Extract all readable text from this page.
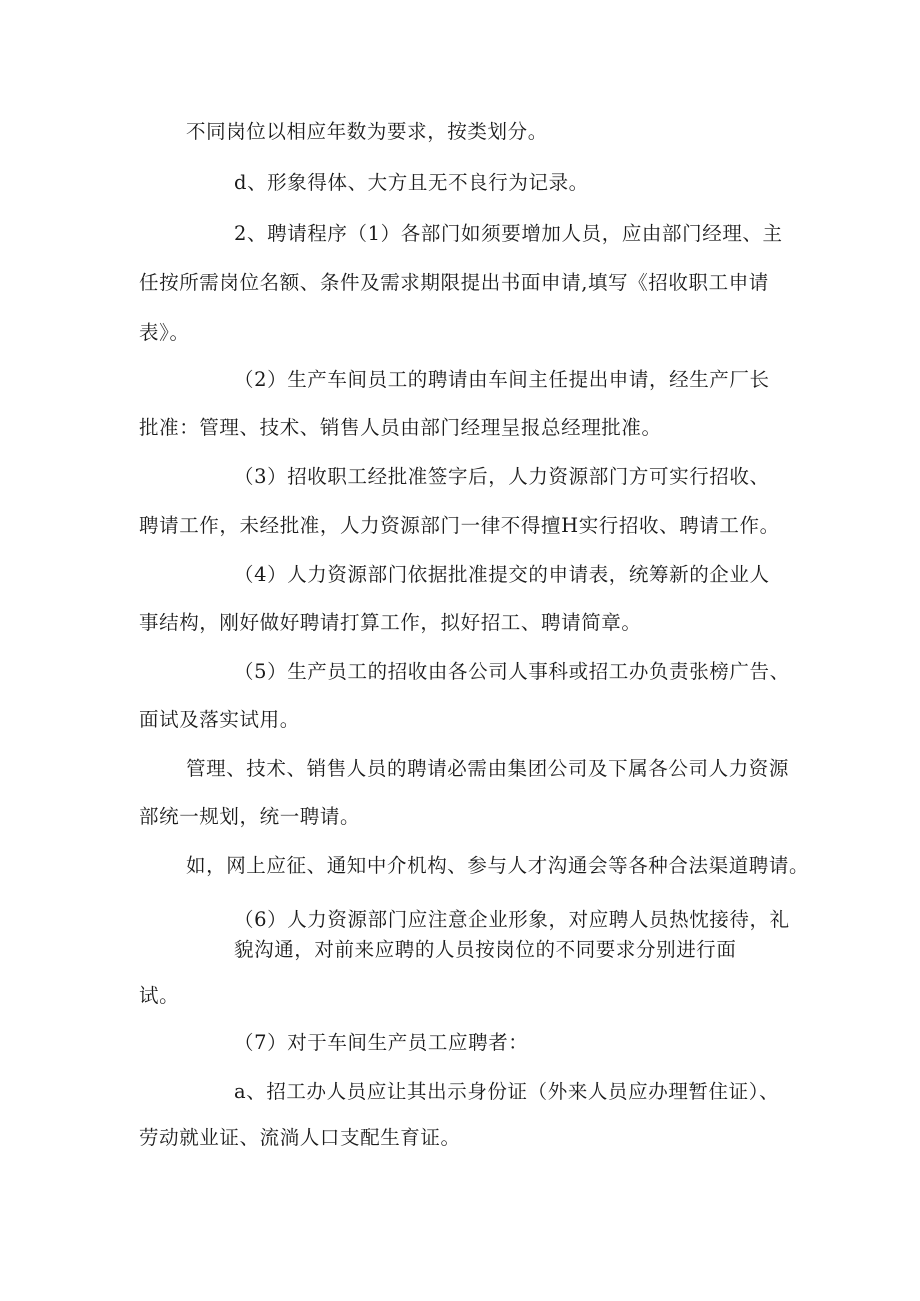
不同岗位以相应年数为要求，按类划分。
d、形象得体、大方且无不良行为记录。
2、聘请程序（1）各部门如须要增加人员，应由部门经理、主
任按所需岗位名额、条件及需求期限提出书面申请,填写《招收职工申请
表》。
（2）生产车间员工的聘请由车间主任提出申请，经生产厂长
批准：管理、技术、销售人员由部门经理呈报总经理批准。
（3）招收职工经批准签字后，人力资源部门方可实行招收、
聘请工作，未经批准，人力资源部门一律不得擅H实行招收、聘请工作。
（4）人力资源部门依据批准提交的申请表，统筹新的企业人
事结构，刚好做好聘请打算工作，拟好招工、聘请简章。
（5）生产员工的招收由各公司人事科或招工办负责张榜广告、
面试及落实试用。
管理、技术、销售人员的聘请必需由集团公司及下属各公司人力资源
部统一规划，统一聘请。
如，网上应征、通知中介机构、参与人才沟通会等各种合法渠道聘请。
（6）人力资源部门应注意企业形象，对应聘人员热忱接待，礼
貌沟通，对前来应聘的人员按岗位的不同要求分别进行面
试。
（7）对于车间生产员工应聘者：
a、招工办人员应让其出示身份证（外来人员应办理暂住证）、
劳动就业证、流淌人口支配生育证。
